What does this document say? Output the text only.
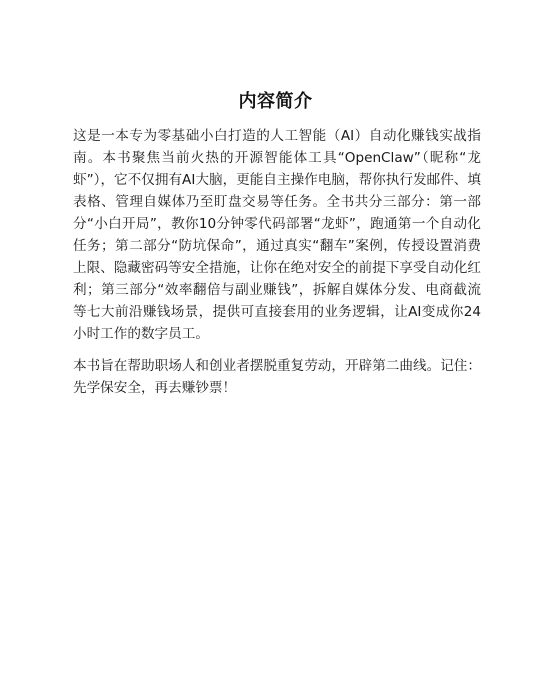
内容简介

这是一本专为零基础小白打造的人工智能（AI）自动化赚钱实战指南。本书聚焦当前火热的开源智能体工具“OpenClaw”（昵称“龙虾”），它不仅拥有AI大脑，更能自主操作电脑，帮你执行发邮件、填表格、管理自媒体乃至盯盘交易等任务。全书共分三部分：第一部分“小白开局”，教你10分钟零代码部署“龙虾”，跑通第一个自动化任务；第二部分“防坑保命”，通过真实“翻车”案例，传授设置消费上限、隐藏密码等安全措施，让你在绝对安全的前提下享受自动化红利；第三部分“效率翻倍与副业赚钱”，拆解自媒体分发、电商截流等七大前沿赚钱场景，提供可直接套用的业务逻辑，让AI变成你24小时工作的数字员工。

本书旨在帮助职场人和创业者摆脱重复劳动，开辟第二曲线。记住：先学保安全，再去赚钞票！
